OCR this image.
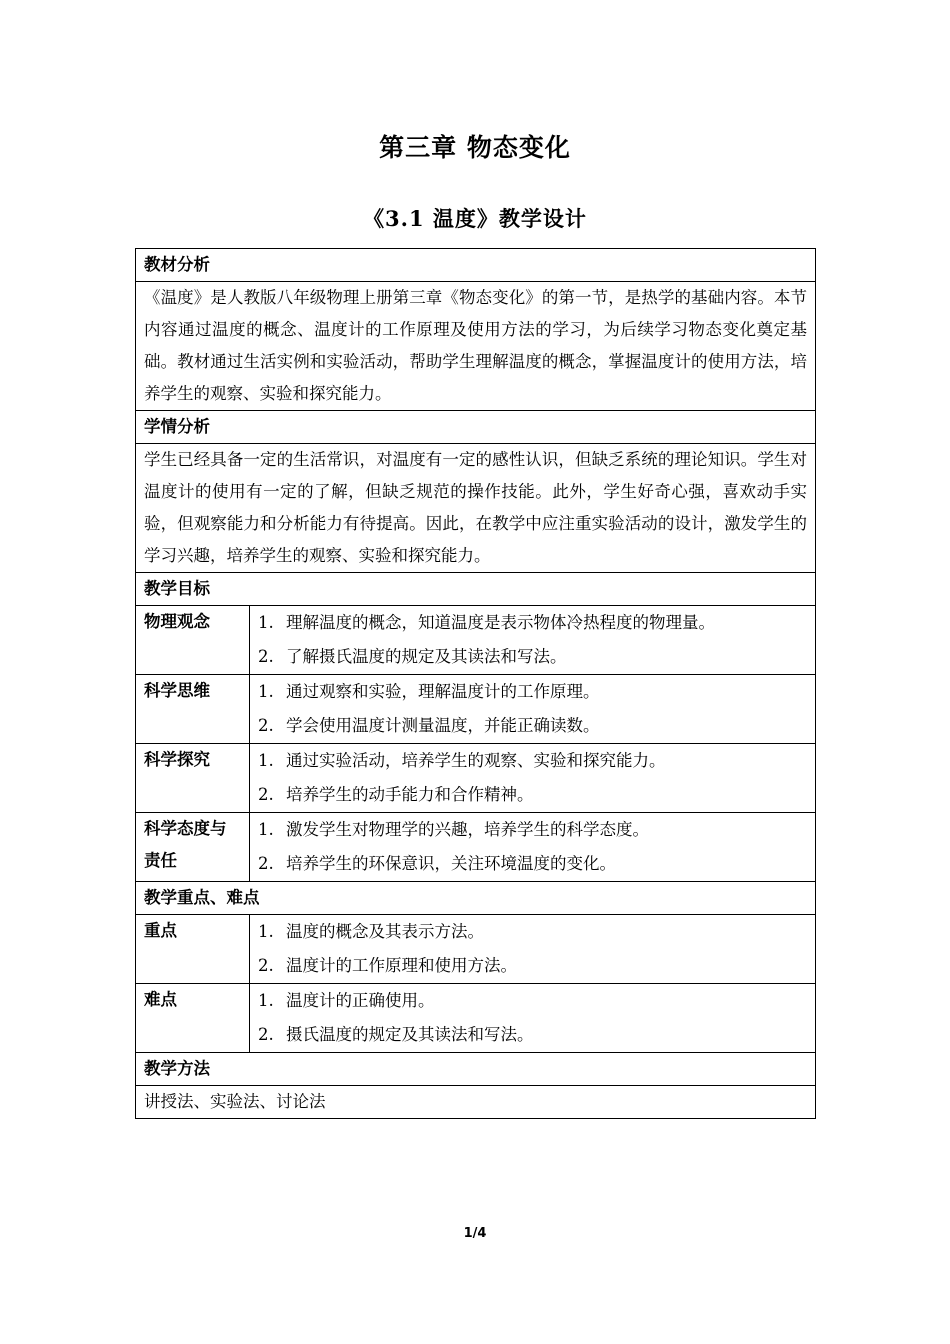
第三章 物态变化
《3.1 温度》教学设计
教材分析	
《温度》是人教版八年级物理上册第三章《物态变化》的第一节，是热学的基础内容。本节内容通过温度的概念、温度计的工作原理及使用方法的学习，为后续学习物态变化奠定基础。教材通过生活实例和实验活动，帮助学生理解温度的概念，掌握温度计的使用方法，培养学生的观察、实验和探究能力。	
学情分析	
学生已经具备一定的生活常识，对温度有一定的感性认识，但缺乏系统的理论知识。学生对温度计的使用有一定的了解，但缺乏规范的操作技能。此外，学生好奇心强，喜欢动手实验，但观察能力和分析能力有待提高。因此，在教学中应注重实验活动的设计，激发学生的学习兴趣，培养学生的观察、实验和探究能力。	
教学目标	
物理观念	1. 理解温度的概念，知道温度是表示物体冷热程度的物理量。
2. 了解摄氏温度的规定及其读法和写法。

科学思维	1. 通过观察和实验，理解温度计的工作原理。
2. 学会使用温度计测量温度，并能正确读数。

科学探究	1. 通过实验活动，培养学生的观察、实验和探究能力。
2. 培养学生的动手能力和合作精神。

科学态度与责任	1. 激发学生对物理学的兴趣，培养学生的科学态度。
2. 培养学生的环保意识，关注环境温度的变化。

教学重点、难点	
重点	1. 温度的概念及其表示方法。
2. 温度计的工作原理和使用方法。

难点	1. 温度计的正确使用。
2. 摄氏温度的规定及其读法和写法。

教学方法	
讲授法、实验法、讨论法	
1/4
